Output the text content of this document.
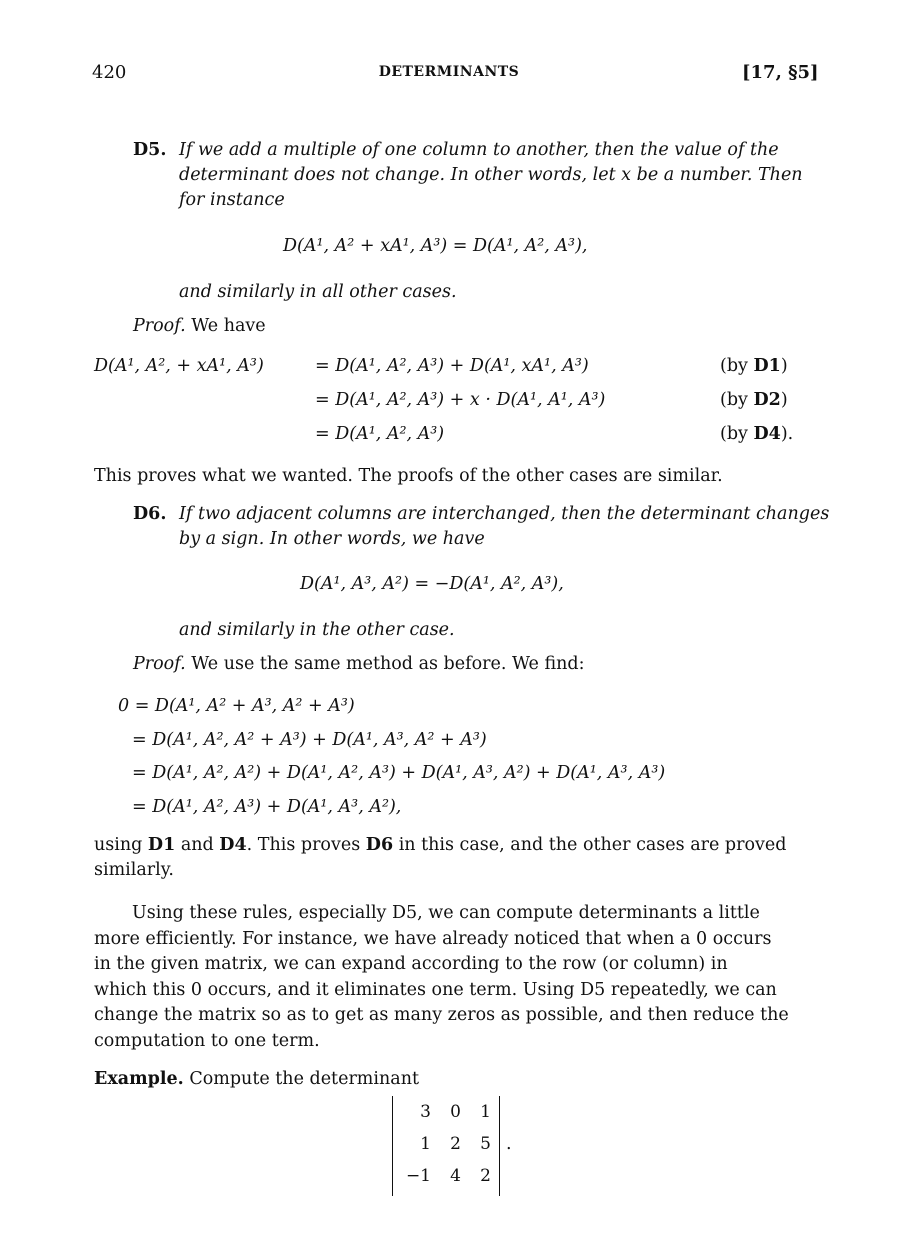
420	DETERMINANTS	[17, §5]
D5. If we add a multiple of one column to another, then the value of the
determinant does not change. In other words, let x be a number. Then
for instance
D(A¹, A² + xA¹, A³) = D(A¹, A², A³),
and similarly in all other cases.
Proof. We have
D(A¹, A², + xA¹, A³)	= D(A¹, A², A³) + D(A¹, xA¹, A³)	(by D1)
= D(A¹, A², A³) + x · D(A¹, A¹, A³)	(by D2)
= D(A¹, A², A³)	(by D4).
This proves what we wanted. The proofs of the other cases are similar.
D6. If two adjacent columns are interchanged, then the determinant changes
by a sign. In other words, we have
D(A¹, A³, A²) = −D(A¹, A², A³),
and similarly in the other case.
Proof. We use the same method as before. We find:
0 = D(A¹, A² + A³, A² + A³)
= D(A¹, A², A² + A³) + D(A¹, A³, A² + A³)
= D(A¹, A², A²) + D(A¹, A², A³) + D(A¹, A³, A²) + D(A¹, A³, A³)
= D(A¹, A², A³) + D(A¹, A³, A²),
using D1 and D4. This proves D6 in this case, and the other cases are proved
similarly.
Using these rules, especially D5, we can compute determinants a little
more efficiently. For instance, we have already noticed that when a 0 occurs
in the given matrix, we can expand according to the row (or column) in
which this 0 occurs, and it eliminates one term. Using D5 repeatedly, we can
change the matrix so as to get as many zeros as possible, and then reduce the
computation to one term.
Example. Compute the determinant
3	0	1
1	2	5
−1	4	2
.
